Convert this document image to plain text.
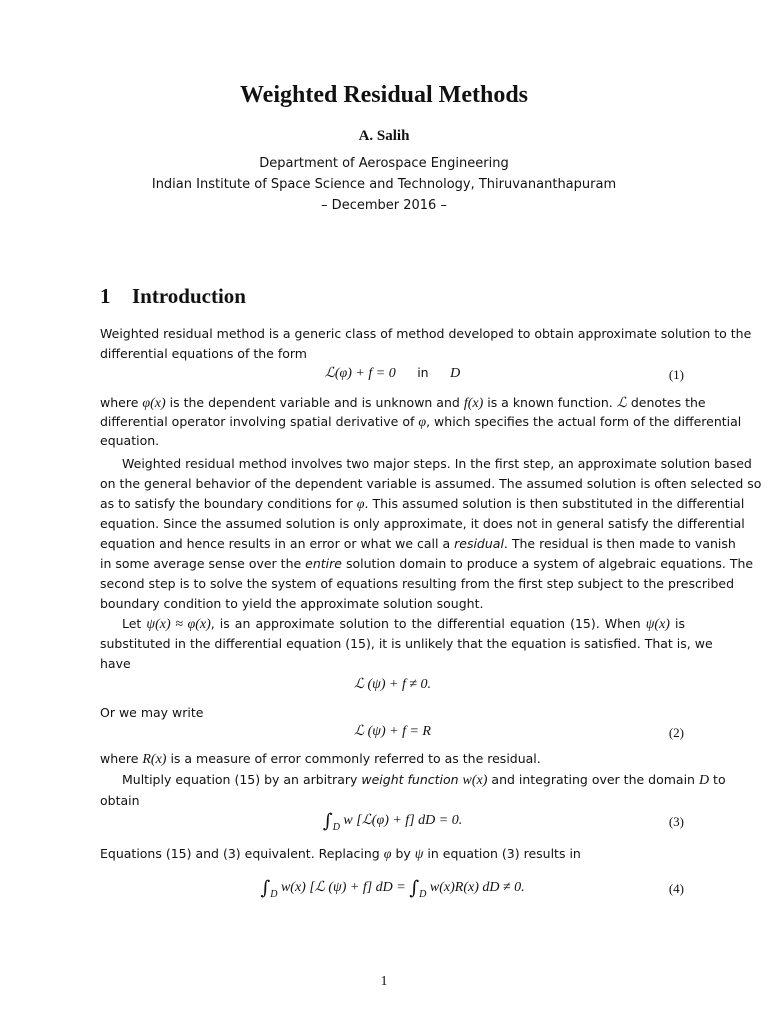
Weighted Residual Methods
A. Salih
Department of Aerospace Engineering
Indian Institute of Space Science and Technology, Thiruvananthapuram
– December 2016 –
1 Introduction
Weighted residual method is a generic class of method developed to obtain approximate solution to the
differential equations of the form
ℒ(φ) + f = 0 in D	(1)
where φ(x) is the dependent variable and is unknown and f(x) is a known function. ℒ denotes the
differential operator involving spatial derivative of φ, which specifies the actual form of the differential
equation.
Weighted residual method involves two major steps. In the first step, an approximate solution based
on the general behavior of the dependent variable is assumed. The assumed solution is often selected so
as to satisfy the boundary conditions for φ. This assumed solution is then substituted in the differential
equation. Since the assumed solution is only approximate, it does not in general satisfy the differential
equation and hence results in an error or what we call a residual. The residual is then made to vanish
in some average sense over the entire solution domain to produce a system of algebraic equations. The
second step is to solve the system of equations resulting from the first step subject to the prescribed
boundary condition to yield the approximate solution sought.
Let ψ(x) ≈ φ(x), is an approximate solution to the differential equation (15). When ψ(x) is
substituted in the differential equation (15), it is unlikely that the equation is satisfied. That is, we
have
ℒ (ψ) + f ≠ 0.
Or we may write
ℒ (ψ) + f = R	(2)
where R(x) is a measure of error commonly referred to as the residual.
Multiply equation (15) by an arbitrary weight function w(x) and integrating over the domain D to
obtain
$\int_D$ w [ℒ(φ) + f] dD = 0.	(3)
Equations (15) and (3) equivalent. Replacing φ by ψ in equation (3) results in
$\int_D$ w(x) [ℒ (ψ) + f] dD = $\int_D$ w(x)R(x) dD ≠ 0.	(4)
1
